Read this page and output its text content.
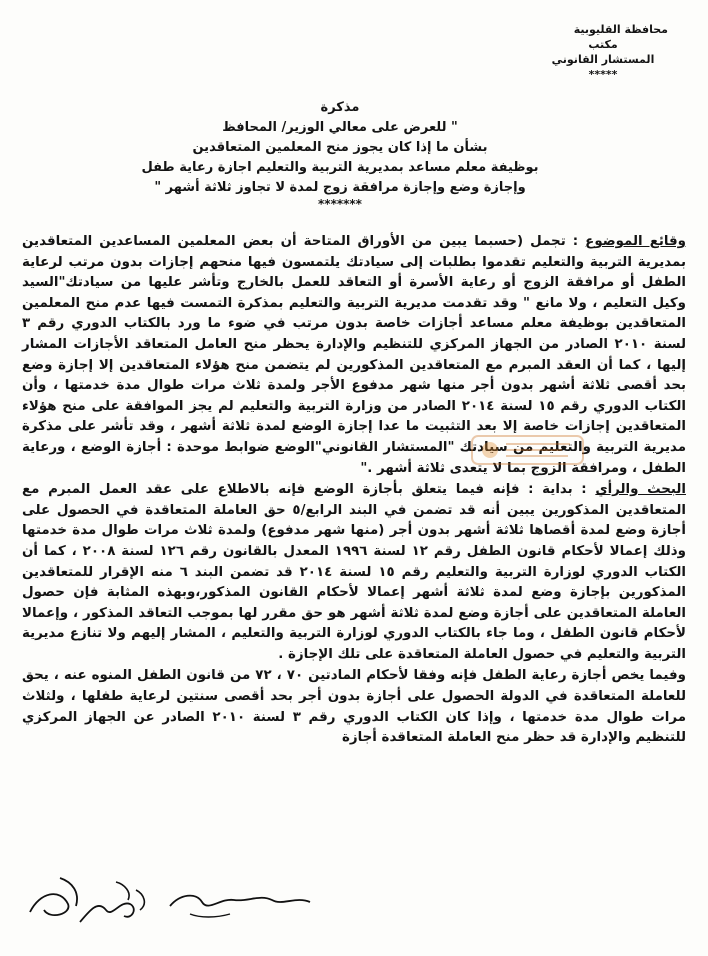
محافظة القليوبية
مكتب
المستشار القانوني
*****
مذكرة
" للعرض على معالي الوزير/ المحافظ
بشأن ما إذا كان يجوز منح المعلمين المتعاقدين
بوظيفة معلم مساعد بمديرية التربية والتعليم اجازة رعاية طفل
وإجازة وضع وإجازة مرافقة زوج لمدة لا تجاوز ثلاثة أشهر "
*******

وقائع الموضوع : تجمل (حسبما يبين من الأوراق المتاحة أن بعض المعلمين المساعدين المتعاقدين بمديرية التربية والتعليم تقدموا بطلبات إلى سيادتك يلتمسون فيها منحهم إجازات بدون مرتب لرعاية الطفل أو مرافقة الزوج أو رعاية الأسرة أو التعاقد للعمل بالخارج وتأشر عليها من سيادتك"السيد وكيل التعليم ، ولا مانع " وقد تقدمت مديرية التربية والتعليم بمذكرة التمست فيها عدم منح المعلمين المتعاقدين بوظيفة معلم مساعد أجازات خاصة بدون مرتب في ضوء ما ورد بالكتاب الدوري رقم ٣ لسنة ٢٠١٠ الصادر من الجهاز المركزي للتنظيم والإدارة يحظر منح العامل المتعاقد الأجازات المشار إليها ، كما أن العقد المبرم مع المتعاقدين المذكورين لم يتضمن منح هؤلاء المتعاقدين إلا إجازة وضع بحد أقصى ثلاثة أشهر بدون أجر منها شهر مدفوع الأجر ولمدة ثلاث مرات طوال مدة خدمتها ، وأن الكتاب الدوري رقم ١٥ لسنة ٢٠١٤ الصادر من وزارة التربية والتعليم لم يجز الموافقة على منح هؤلاء المتعاقدين إجازات خاصة إلا بعد التثبيت ما عدا إجازة الوضع لمدة ثلاثة أشهر ، وقد تأشر على مذكرة مديرية التربية والتعليم من سيادتك "المستشار القانوني"الوضع ضوابط موحدة : أجازة الوضع ، ورعاية الطفل ، ومرافقة الزوج بما لا يتعدى ثلاثة أشهر ."

البحث والرأي : بداية : فإنه فيما يتعلق بأجازة الوضع فإنه بالاطلاع على عقد العمل المبرم مع المتعاقدين المذكورين يبين أنه قد تضمن في البند الرابع/٥ حق العاملة المتعاقدة في الحصول على أجازة وضع لمدة أقصاها ثلاثة أشهر بدون أجر (منها شهر مدفوع) ولمدة ثلاث مرات طوال مدة خدمتها وذلك إعمالا لأحكام قانون الطفل رقم ١٢ لسنة ١٩٩٦ المعدل بالقانون رقم ١٢٦ لسنة ٢٠٠٨ ، كما أن الكتاب الدوري لوزارة التربية والتعليم رقم ١٥ لسنة ٢٠١٤ قد تضمن البند ٦ منه الإقرار للمتعاقدين المذكورين بإجازة وضع لمدة ثلاثة أشهر إعمالا لأحكام القانون المذكور،وبهذه المثابة فإن حصول العاملة المتعاقدين على أجازة وضع لمدة ثلاثة أشهر هو حق مقرر لها بموجب التعاقد المذكور ، وإعمالا لأحكام قانون الطفل ، وما جاء بالكتاب الدوري لوزارة التربية والتعليم ، المشار إليهم ولا تنازع مديرية التربية والتعليم في حصول العاملة المتعاقدة على تلك الإجازة .

وفيما يخص أجازة رعاية الطفل فإنه وفقا لأحكام المادتين ٧٠ ، ٧٢ من قانون الطفل المنوه عنه ، يحق للعاملة المتعاقدة في الدولة الحصول على أجازة بدون أجر بحد أقصى سنتين لرعاية طفلها ، ولثلاث مرات طوال مدة خدمتها ، وإذا كان الكتاب الدوري رقم ٣ لسنة ٢٠١٠ الصادر عن الجهاز المركزي للتنظيم والإدارة قد حظر منح العاملة المتعاقدة أجازة
